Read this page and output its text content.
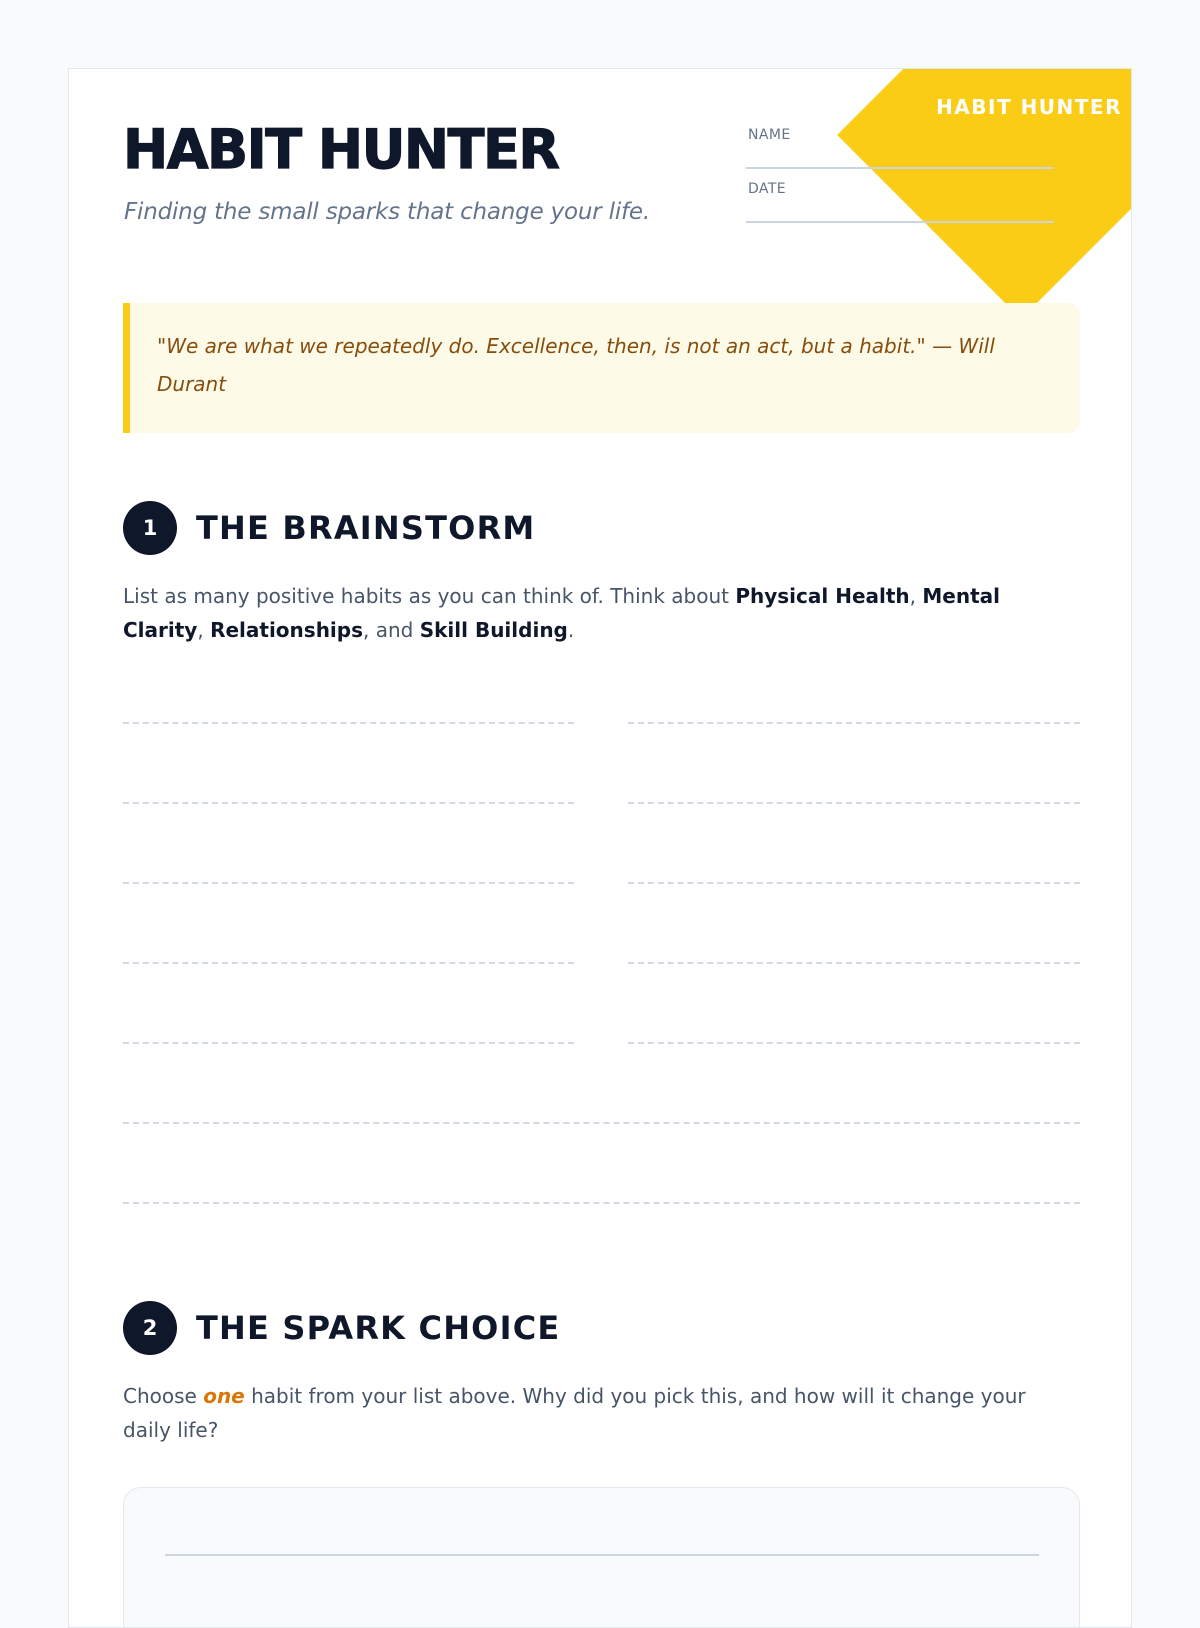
HABIT HUNTER
Finding the small sparks that change your life.
HABIT HUNTER
NAME
DATE
"We are what we repeatedly do. Excellence, then, is not an act, but a habit." — Will Durant
1	THE BRAINSTORM

List as many positive habits as you can think of. Think about Physical Health, Mental Clarity, Relationships, and Skill Building.

2	THE SPARK CHOICE

Choose one habit from your list above. Why did you pick this, and how will it change your daily life?
